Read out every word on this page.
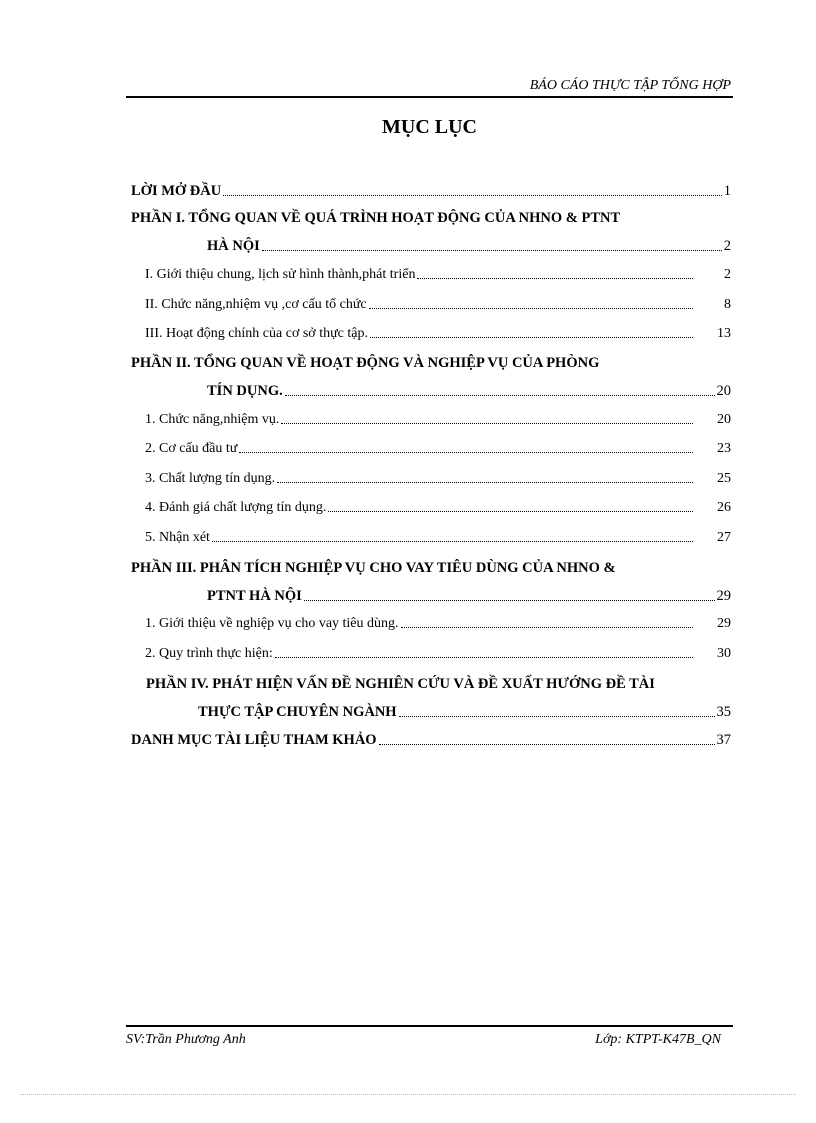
BÁO CÁO THỰC TẬP TỔNG HỢP
MỤC LỤC
LỜI MỞ ĐẦU	1
PHẦN I. TỔNG QUAN VỀ QUÁ TRÌNH HOẠT ĐỘNG CỦA NHNO & PTNT
HÀ NỘI	2
I. Giới thiệu chung, lịch sử hình thành,phát triển	2
II. Chức năng,nhiệm vụ ,cơ cấu tổ chức	8
III. Hoạt động chính của cơ sở thực tập.	13
PHẦN II. TỔNG QUAN VỀ HOẠT ĐỘNG VÀ NGHIỆP VỤ CỦA PHÒNG
TÍN DỤNG.	20
1. Chức năng,nhiệm vụ.	20
2. Cơ cấu đầu tư	23
3. Chất lượng tín dụng.	25
4. Đánh giá chất lượng tín dụng.	26
5. Nhận xét	27
PHẦN III. PHÂN TÍCH NGHIỆP VỤ CHO VAY TIÊU DÙNG CỦA NHNO &
PTNT HÀ NỘI	29
1. Giới thiệu về nghiệp vụ cho vay tiêu dùng.	29
2. Quy trình thực hiện:	30
PHẦN IV. PHÁT HIỆN VẤN ĐỀ NGHIÊN CỨU VÀ ĐỀ XUẤT HƯỚNG ĐỀ TÀI
THỰC TẬP CHUYÊN NGÀNH	35
DANH MỤC TÀI LIỆU THAM KHẢO	37
SV:Trần Phương Anh	Lớp: KTPT-K47B_QN
